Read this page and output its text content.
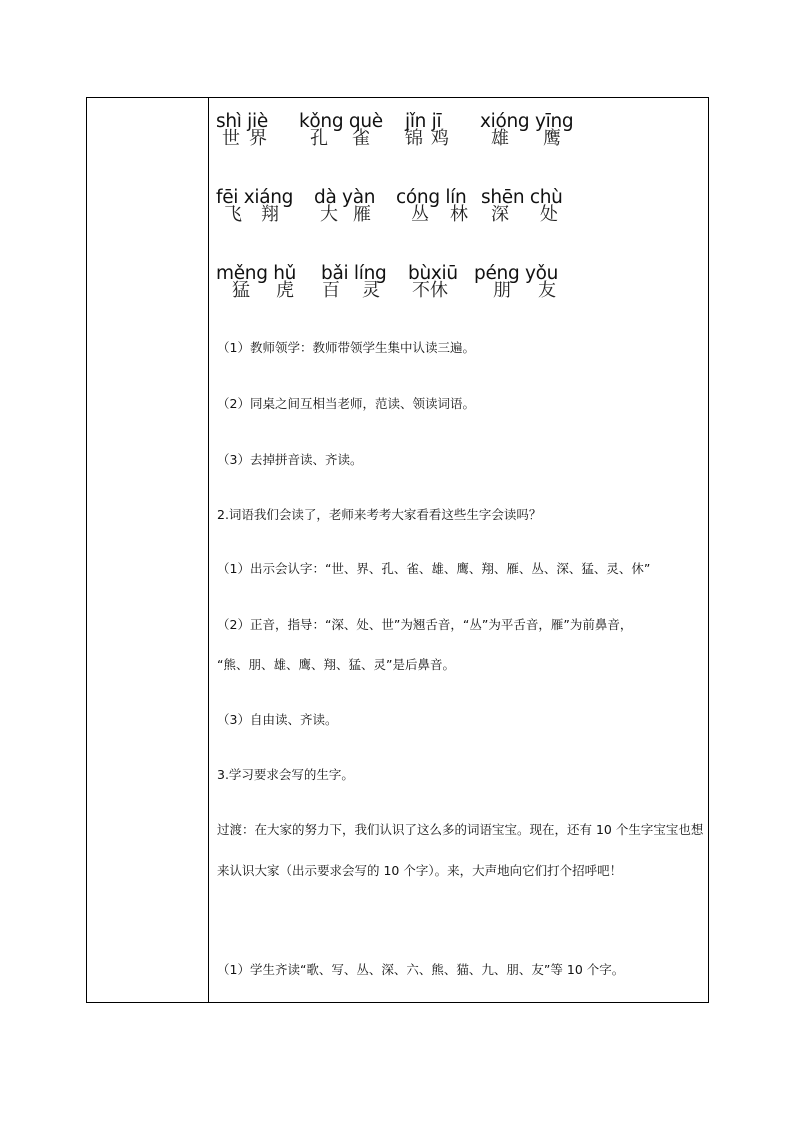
shì jiè kǒng què jǐn jī xióng yīng
世 界 孔 雀 锦 鸡 雄 鹰
fēi xiáng dà yàn cóng lín shēn chù
飞 翔 大 雁 丛 林 深 处
měng hǔ bǎi líng bùxiū péng yǒu
猛 虎 百 灵 不休	朋 友
（1）教师领学：教师带领学生集中认读三遍。
（2）同桌之间互相当老师，范读、领读词语。
（3）去掉拼音读、齐读。
2.词语我们会读了，老师来考考大家看看这些生字会读吗？
（1）出示会认字：“世、界、孔、雀、雄、鹰、翔、雁、丛、深、猛、灵、休”
（2）正音，指导：“深、处、世”为翘舌音，“丛”为平舌音，雁”为前鼻音，
“熊、朋、雄、鹰、翔、猛、灵”是后鼻音。
（3）自由读、齐读。
3.学习要求会写的生字。
过渡：在大家的努力下，我们认识了这么多的词语宝宝。现在，还有 10 个生字宝宝也想来认识大家（出示要求会写的 10 个字）。来，大声地向它们打个招呼吧！
（1）学生齐读“歌、写、丛、深、六、熊、猫、九、朋、友”等 10 个字。
